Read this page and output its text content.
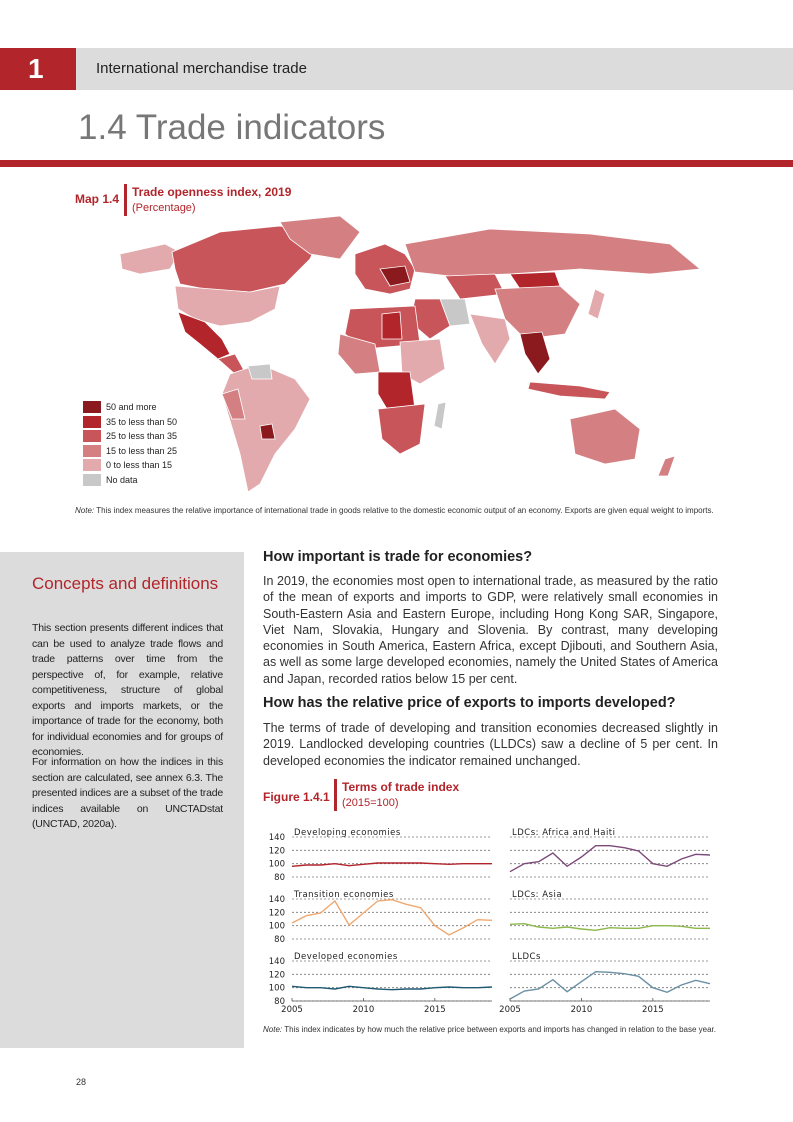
1	International merchandise trade
1.4 Trade indicators
Map 1.4 Trade openness index, 2019
(Percentage)
50 and more
35 to less than 50
25 to less than 35
15 to less than 25
0 to less than 15
No data
Note: This index measures the relative importance of international trade in goods relative to the domestic economic output of an economy. Exports are given equal weight to imports.
Concepts and definitions
This section presents different indices that can be used to analyze trade flows and trade patterns over time from the perspective of, for example, relative competitiveness, structure of global exports and imports markets, or the importance of trade for the economy, both for individual economies and for groups of economies.
For information on how the indices in this section are calculated, see annex 6.3. The presented indices are a subset of the trade indices available on UNCTADstat (UNCTAD, 2020a).
How important is trade for economies?
In 2019, the economies most open to international trade, as measured by the ratio of the mean of exports and imports to GDP, were relatively small economies in South-Eastern Asia and Eastern Europe, including Hong Kong SAR, Singapore, Viet Nam, Slovakia, Hungary and Slovenia. By contrast, many developing economies in South America, Eastern Africa, except Djibouti, and Southern Asia, as well as some large developed economies, namely the United States of America and Japan, recorded ratios below 15 per cent.
How has the relative price of exports to imports developed?
The terms of trade of developing and transition economies decreased slightly in 2019. Landlocked developing countries (LLDCs) saw a decline of 5 per cent. In developed economies the indicator remained unchanged.
Figure 1.4.1
Terms of trade index
(2015=100)
80
100
120
140 Developing economies	LDCs: Africa and Haiti
80
100
120
140 Transition economies	LDCs: Asia
80
100
120
140 Developed economies
2005	2010	2015
LLDCs
2005	2010	2015
Note: This index indicates by how much the relative price between exports and imports has changed in relation to the base year.
28
